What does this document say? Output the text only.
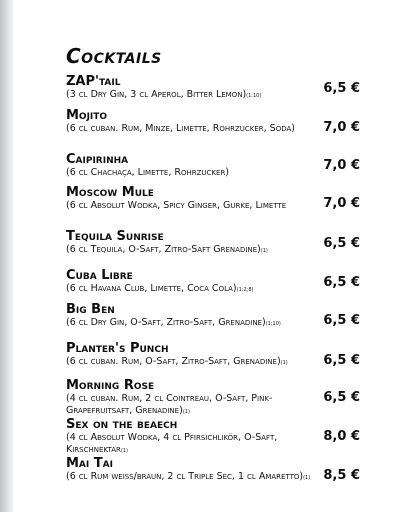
Cocktails
ZAP'tail
(3 cl Dry Gin, 3 cl Aperol, Bitter Lemon)(1:10)	6,5 €
Mojito
(6 cl cuban. Rum, Minze, Limette, Rohrzucker, Soda)	7,0 €
Caipirinha
(6 cl Chachaça, Limette, Rohrzucker)	7,0 €
Moscow Mule
(6 cl Absolut Wodka, Spicy Ginger, Gurke, Limette	7,0 €
Tequila Sunrise
(6 cl Tequila, O-Saft, Zitro-Saft Grenadine)(1)	6,5 €
Cuba Libre
(6 cl Havana Club, Limette, Coca Cola)(1;2;8)	6,5 €
Big Ben
(6 cl Dry Gin, O-Saft, Zitro-Saft, Grenadine)(1;10)	6,5 €
Planter's Punch
(6 cl cuban. Rum, O-Saft, Zitro-Saft, Grenadine)(1)	6,5 €
Morning Rose
(4 cl cuban. Rum, 2 cl Cointreau, O-Saft, Pink-Grapefruitsaft, Grenadine)(1)
6,5 €
Sex on the beaech
(4 cl Absolut Wodka, 4 cl Pfirsichlikör, O-Saft, Kirschnektar(1)
8,0 €
Mai Tai
(6 cl Rum weiss/braun, 2 cl Triple Sec, 1 cl Amaretto)(1)	8,5 €
